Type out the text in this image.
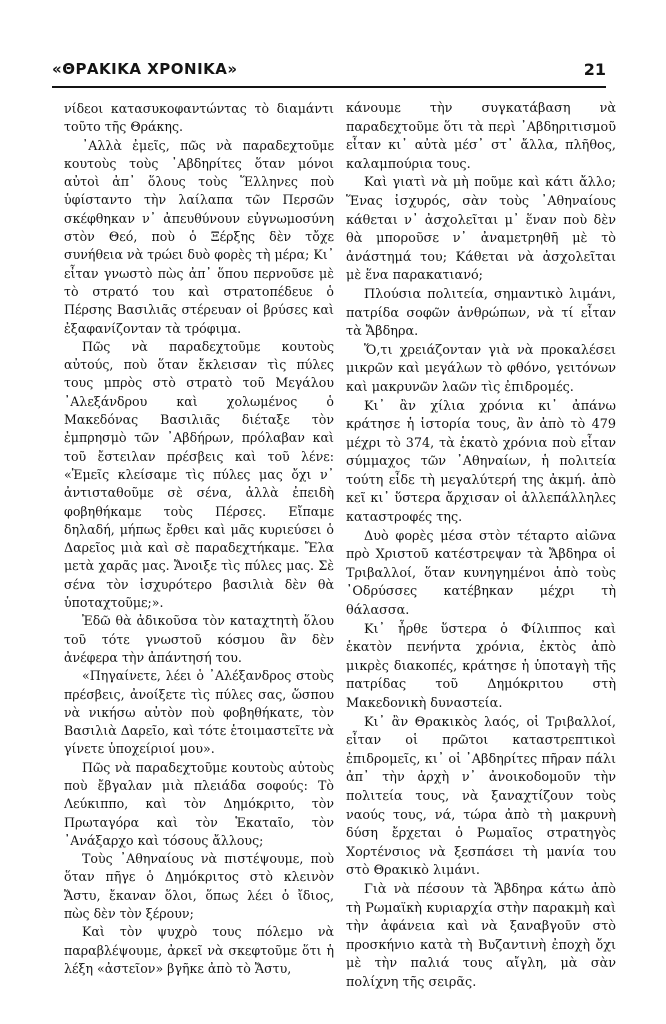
«ΘΡΑΚΙΚΑ ΧΡΟΝΙΚΑ»	21

νίδεοι κατασυκοφαντώντας τὸ διαμάντι τοῦτο τῆς Θράκης.

᾿Αλλὰ ἐμεῖς, πῶς νὰ παραδεχτοῦμε κουτοὺς τοὺς ᾿Αβδηρίτες ὅταν μόνοι αὐτοὶ ἀπ᾿ ὅλους τοὺς Ἕλληνες ποὺ ὑφίσταντο τὴν λαίλαπα τῶν Περσῶν σκέφθηκαν ν᾿ ἀπευθύνουν εὐγνωμοσύνη στὸν Θεό, ποὺ ὁ Ξέρξης δὲν τὄχε συνήθεια νὰ τρώει δυὸ φορὲς τὴ μέρα; Κι᾿ εἶταν γνωστὸ πὼς ἀπ᾿ ὅπου περνοῦσε μὲ τὸ στρατό του καὶ στρατοπέδευε ὁ Πέρσης Βασιλιᾶς στέρευαν οἱ βρύσες καὶ ἐξαφανίζονταν τὰ τρόφιμα.

Πῶς νὰ παραδεχτοῦμε κουτοὺς αὐτούς, ποὺ ὅταν ἔκλεισαν τὶς πύλες τους μπρὸς στὸ στρατὸ τοῦ Μεγάλου ᾿Αλεξάνδρου καὶ χολωμένος ὁ Μακεδόνας Βασιλιᾶς διέταξε τὸν ἐμπρησμὸ τῶν ᾿Αβδήρων, πρόλαβαν καὶ τοῦ ἔστειλαν πρέσβεις καὶ τοῦ λένε: «Ἐμεῖς κλείσαμε τὶς πύλες μας ὄχι ν᾿ ἀντισταθοῦμε σὲ σένα, ἀλλὰ ἐπειδὴ φοβηθήκαμε τοὺς Πέρσες. Εἴπαμε δηλαδή, μήπως ἔρθει καὶ μᾶς κυριεύσει ὁ Δαρεῖος μιὰ καὶ σὲ παραδεχτήκαμε. Ἔλα μετὰ χαρᾶς μας. Ἄνοιξε τὶς πύλες μας. Σὲ σένα τὸν ἰσχυρότερο βασιλιὰ δὲν θὰ ὑποταχτοῦμε;».

Ἐδῶ θὰ ἀδικοῦσα τὸν καταχτητὴ ὅλου τοῦ τότε γνωστοῦ κόσμου ἂν δὲν ἀνέφερα τὴν ἀπάντησή του.

«Πηγαίνετε, λέει ὁ ᾿Αλέξανδρος στοὺς πρέσβεις, ἀνοίξετε τὶς πύλες σας, ὥσπου νὰ νικήσω αὐτὸν ποὺ φοβηθήκατε, τὸν Βασιλιὰ Δαρεῖο, καὶ τότε ἑτοιμαστεῖτε νὰ γίνετε ὑποχείριοί μου».

Πῶς νὰ παραδεχτοῦμε κουτοὺς αὐτοὺς ποὺ ἔβγαλαν μιὰ πλειάδα σοφούς: Τὸ Λεύκιππο, καὶ τὸν Δημόκριτο, τὸν Πρωταγόρα καὶ τὸν Ἑκαταῖο, τὸν ᾿Ανάξαρχο καὶ τόσους ἄλλους;

Τοὺς ᾿Αθηναίους νὰ πιστέψουμε, ποὺ ὅταν πῆγε ὁ Δημόκριτος στὸ κλεινὸν Ἄστυ, ἔκαναν ὅλοι, ὅπως λέει ὁ ἴδιος, πὼς δὲν τὸν ξέρουν;

Καὶ τὸν ψυχρὸ τους πόλεμο νὰ παραβλέψουμε, ἀρκεῖ νὰ σκεφτοῦμε ὅτι ἡ λέξη «ἀστεῖον» βγῆκε ἀπὸ τὸ Ἄστυ,

κάνουμε τὴν συγκατάβαση νὰ παραδεχτοῦμε ὅτι τὰ περὶ ᾿Αβδηριτισμοῦ εἶταν κι᾿ αὐτὰ μέσ᾿ στ᾿ ἄλλα, πλῆθος, καλαμπούρια τους.

Καὶ γιατὶ νὰ μὴ ποῦμε καὶ κάτι ἄλλο; Ἕνας ἰσχυρός, σὰν τοὺς ᾿Αθηναίους κάθεται ν᾿ ἀσχολεῖται μ᾿ ἕναν ποὺ δὲν θὰ μποροῦσε ν᾿ ἀναμετρηθῆ μὲ τὸ ἀνάστημά του; Κάθεται νὰ ἀσχολεῖται μὲ ἕνα παρακατιανό;

Πλούσια πολιτεία, σημαντικὸ λιμάνι, πατρίδα σοφῶν ἀνθρώπων, νὰ τί εἶταν τὰ Ἄβδηρα.

Ὅ,τι χρειάζονταν γιὰ νὰ προκαλέσει μικρῶν καὶ μεγάλων τὸ φθόνο, γειτόνων καὶ μακρυνῶν λαῶν τὶς ἐπιδρομές.

Κι᾿ ἂν χίλια χρόνια κι᾿ ἀπάνω κράτησε ἡ ἱστορία τους, ἂν ἀπὸ τὸ 479 μέχρι τὸ 374, τὰ ἑκατὸ χρόνια ποὺ εἶταν σύμμαχος τῶν ᾿Αθηναίων, ἡ πολιτεία τούτη εἶδε τὴ μεγαλύτερή της ἀκμή. ἀπὸ κεῖ κι᾿ ὕστερα ἄρχισαν οἱ ἀλλεπάλληλες καταστροφές της.

Δυὸ φορὲς μέσα στὸν τέταρτο αἰῶνα πρὸ Χριστοῦ κατέστρεψαν τὰ Ἄβδηρα οἱ Τριβαλλοί, ὅταν κυνηγημένοι ἀπὸ τοὺς ᾿Οδρύσσες κατέβηκαν μέχρι τὴ θάλασσα.

Κι᾿ ἦρθε ὕστερα ὁ Φίλιππος καὶ ἑκατὸν πενήντα χρόνια, ἐκτὸς ἀπὸ μικρὲς διακοπές, κράτησε ἡ ὑποταγὴ τῆς πατρίδας τοῦ Δημόκριτου στὴ Μακεδονικὴ δυναστεία.

Κι᾿ ἂν Θρακικὸς λαός, οἱ Τριβαλλοί, εἶταν οἱ πρῶτοι καταστρεπτικοὶ ἐπιδρομεῖς, κι᾿ οἱ ᾿Αβδηρίτες πῆραν πάλι ἀπ᾿ τὴν ἀρχὴ ν᾿ ἀνοικοδομοῦν τὴν πολιτεία τους, νὰ ξαναχτίζουν τοὺς ναούς τους, νά, τώρα ἀπὸ τὴ μακρυνὴ δύση ἔρχεται ὁ Ρωμαῖος στρατηγὸς Χορτένσιος νὰ ξεσπάσει τὴ μανία του στὸ Θρακικὸ λιμάνι.

Γιὰ νὰ πέσουν τὰ Ἄβδηρα κάτω ἀπὸ τὴ Ρωμαϊκὴ κυριαρχία στὴν παρακμὴ καὶ τὴν ἀφάνεια καὶ νὰ ξαναβγοῦν στὸ προσκήνιο κατὰ τὴ Βυζαντινὴ ἐποχὴ ὄχι μὲ τὴν παλιά τους αἴγλη, μὰ σὰν πολίχνη τῆς σειρᾶς.
